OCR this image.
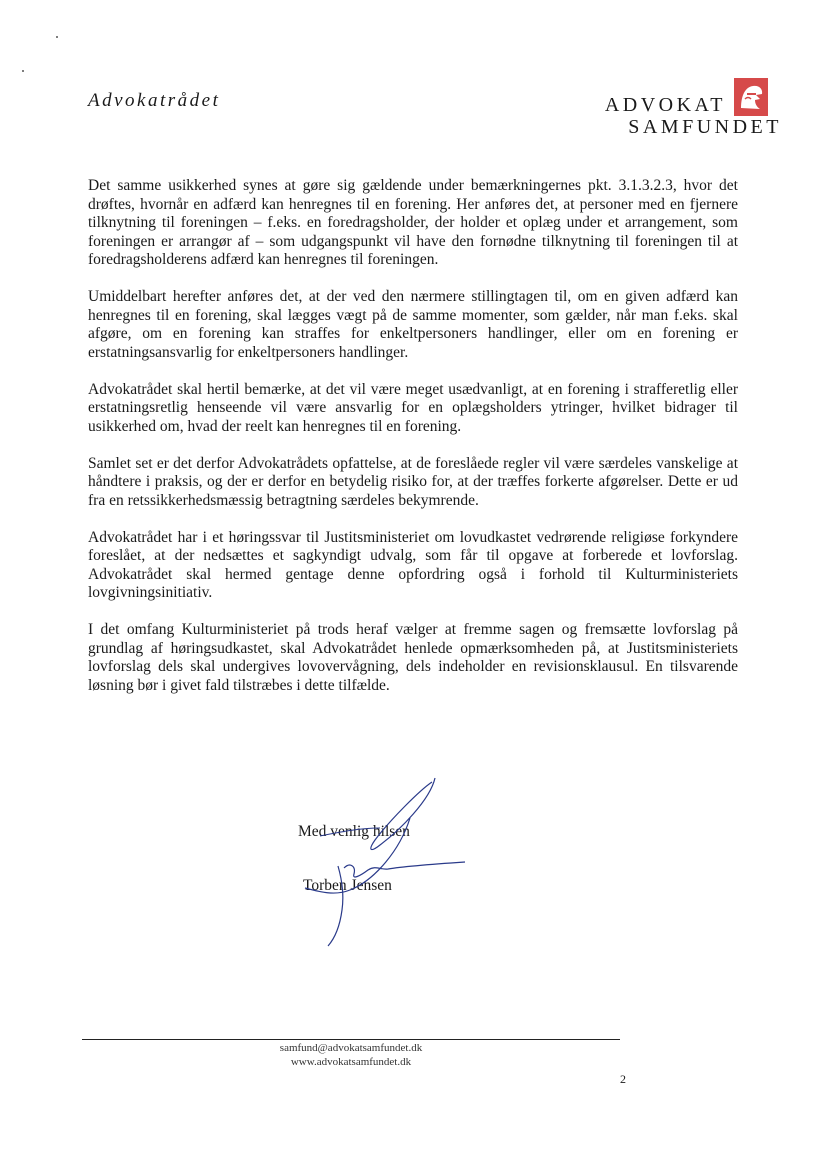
Advokatrådet	ADVOKAT
SAMFUNDET

Det samme usikkerhed synes at gøre sig gældende under bemærkningernes pkt. 3.1.3.2.3, hvor det drøftes, hvornår en adfærd kan henregnes til en forening. Her anføres det, at personer med en fjernere tilknytning til foreningen – f.eks. en foredragsholder, der holder et oplæg under et arrangement, som foreningen er arrangør af – som udgangspunkt vil have den fornødne tilknytning til foreningen til at foredragsholderens adfærd kan henregnes til foreningen.

Umiddelbart herefter anføres det, at der ved den nærmere stillingtagen til, om en given adfærd kan henregnes til en forening, skal lægges vægt på de samme momenter, som gælder, når man f.eks. skal afgøre, om en forening kan straffes for enkeltpersoners handlinger, eller om en forening er erstatningsansvarlig for enkeltpersoners handlinger.

Advokatrådet skal hertil bemærke, at det vil være meget usædvanligt, at en forening i strafferetlig eller erstatningsretlig henseende vil være ansvarlig for en oplægsholders ytringer, hvilket bidrager til usikkerhed om, hvad der reelt kan henregnes til en forening.

Samlet set er det derfor Advokatrådets opfattelse, at de foreslåede regler vil være særdeles vanskelige at håndtere i praksis, og der er derfor en betydelig risiko for, at der træffes forkerte afgørelser. Dette er ud fra en retssikkerhedsmæssig betragtning særdeles bekymrende.

Advokatrådet har i et høringssvar til Justitsministeriet om lovudkastet vedrørende religiøse forkyndere foreslået, at der nedsættes et sagkyndigt udvalg, som får til opgave at forberede et lovforslag. Advokatrådet skal hermed gentage denne opfordring også i forhold til Kulturministeriets lovgivningsinitiativ.

I det omfang Kulturministeriet på trods heraf vælger at fremme sagen og fremsætte lovforslag på grundlag af høringsudkastet, skal Advokatrådet henlede opmærksomheden på, at Justitsministeriets lovforslag dels skal undergives lovovervågning, dels indeholder en revisionsklausul. En tilsvarende løsning bør i givet fald tilstræbes i dette tilfælde.

Med venlig hilsen
Torben Jensen
samfund@advokatsamfundet.dk
www.advokatsamfundet.dk
2
